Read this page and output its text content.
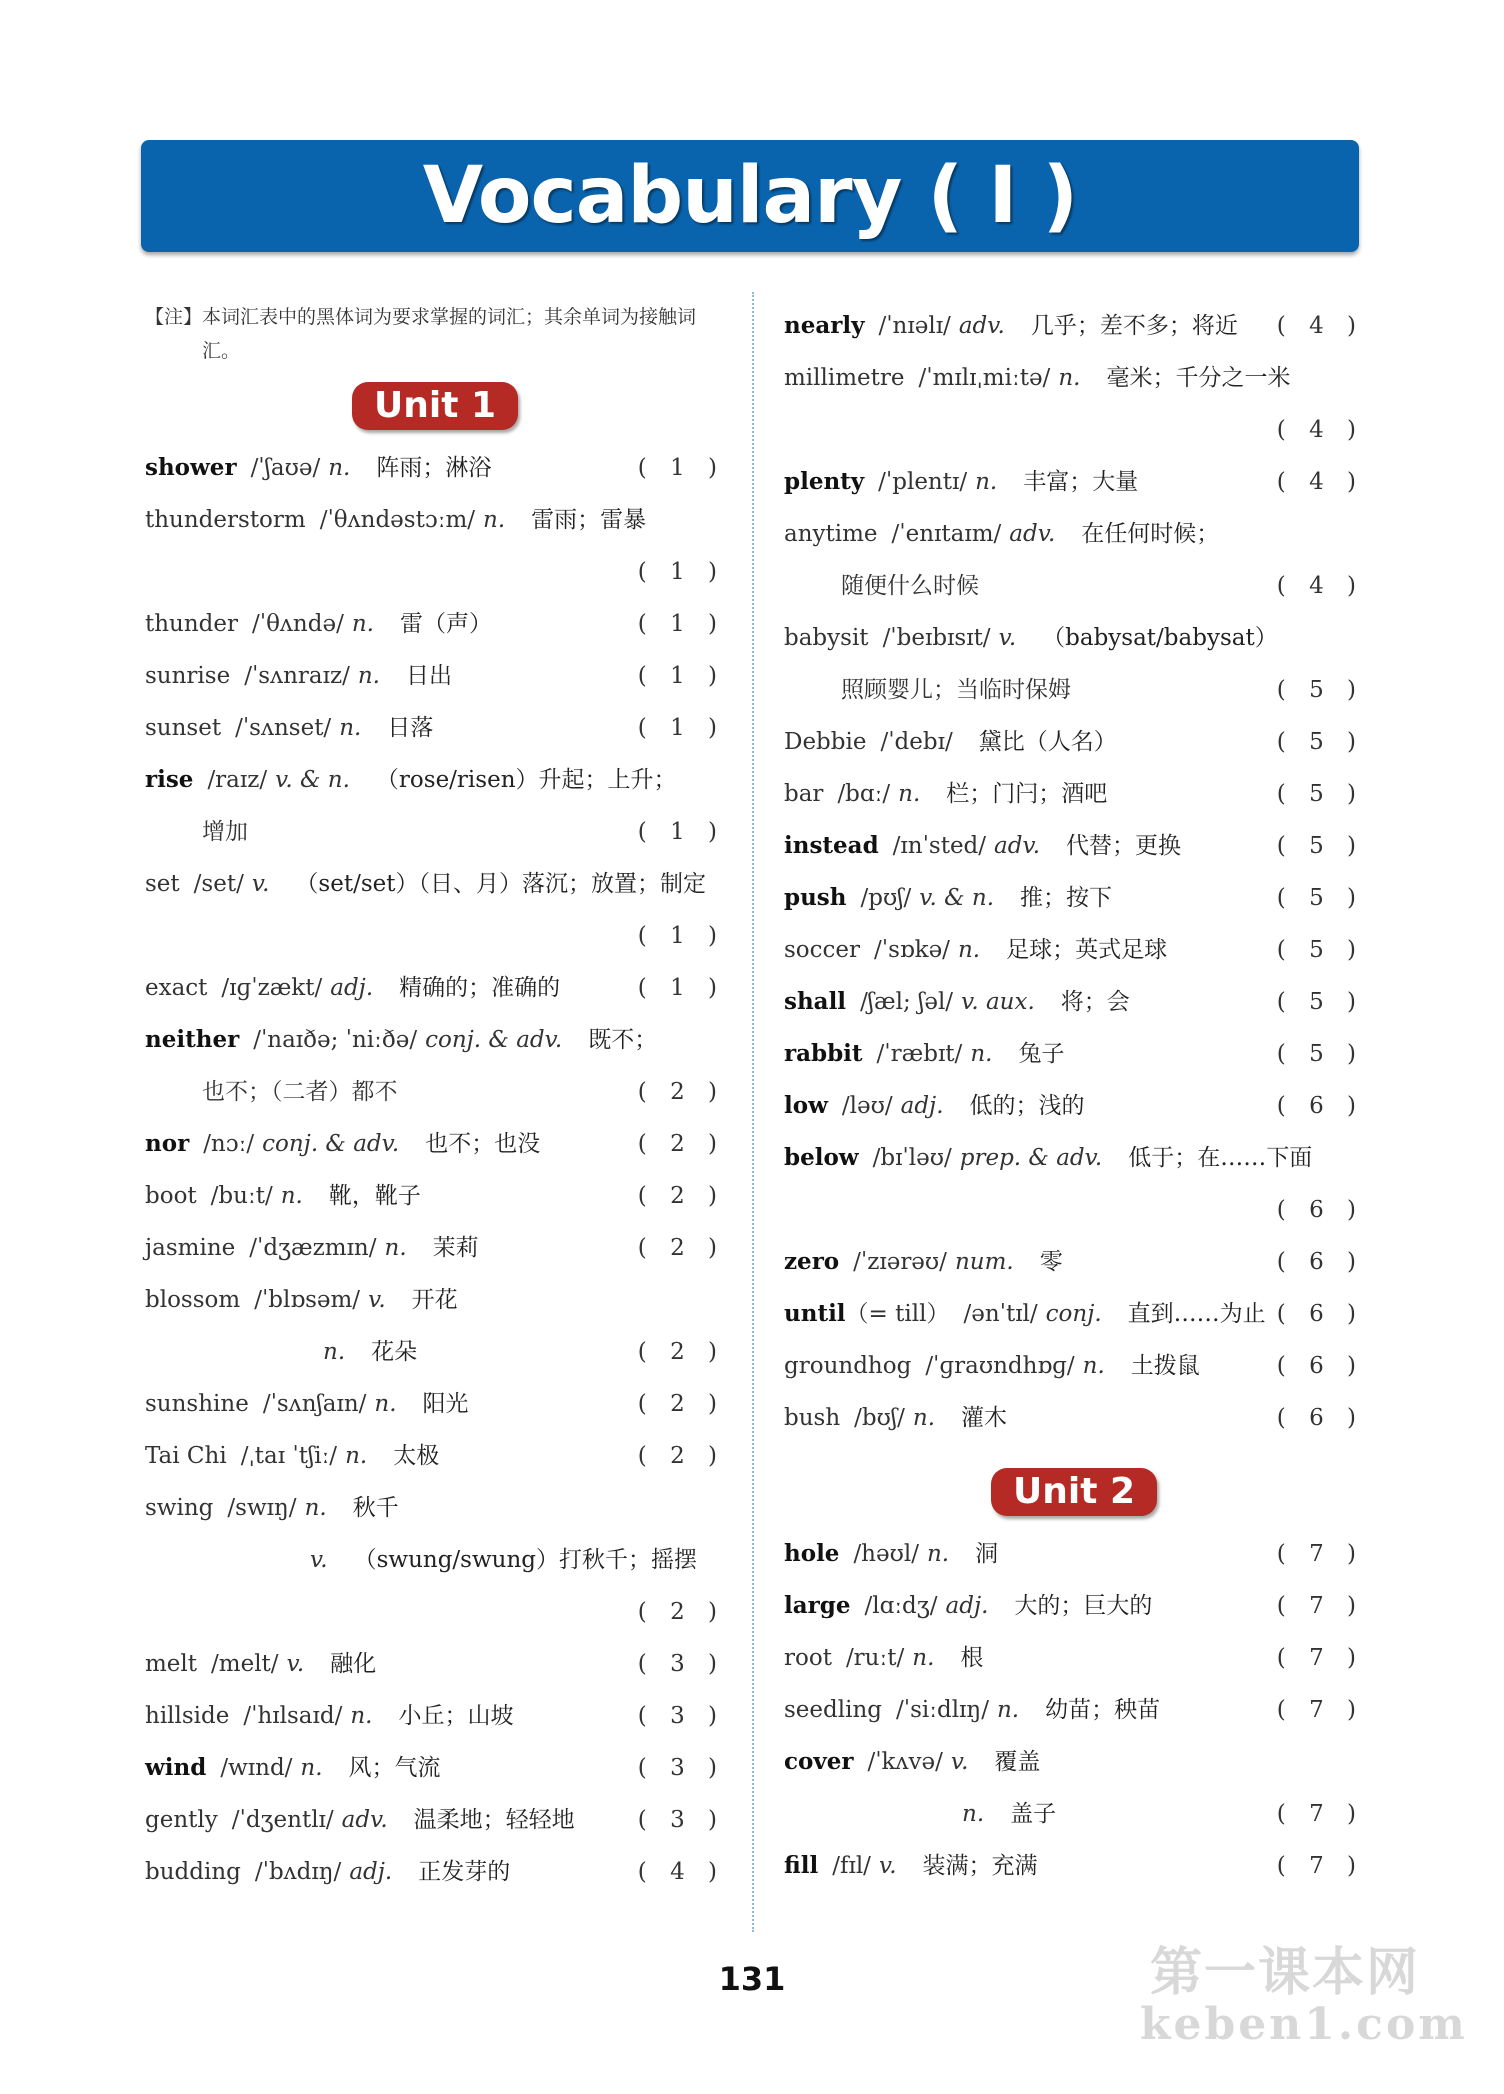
Vocabulary ( I )

【注】本词汇表中的黑体词为要求掌握的词汇；其余单词为接触词汇。

Unit 1
shower /ˈʃaʊə/ n. 阵雨；淋浴	( 1 )
thunderstorm /ˈθʌndəstɔːm/ n. 雷雨；雷暴
( 1 )
thunder /ˈθʌndə/ n. 雷（声）	( 1 )
sunrise /ˈsʌnraɪz/ n. 日出	( 1 )
sunset /ˈsʌnset/ n. 日落	( 1 )
rise /raɪz/ v. & n. （rose/risen）升起；上升；
增加	( 1 )
set /set/ v. （set/set）（日、月）落沉；放置；制定
( 1 )
exact /ɪɡˈzækt/ adj. 精确的；准确的	( 1 )
neither /ˈnaɪðə; ˈniːðə/ conj. & adv. 既不；
也不；（二者）都不	( 2 )
nor /nɔː/ conj. & adv. 也不；也没	( 2 )
boot /buːt/ n. 靴，靴子	( 2 )
jasmine /ˈdʒæzmɪn/ n. 茉莉	( 2 )
blossom /ˈblɒsəm/ v. 开花
n. 花朵	( 2 )
sunshine /ˈsʌnʃaɪn/ n. 阳光	( 2 )
Tai Chi /ˌtaɪ ˈtʃiː/ n. 太极	( 2 )
swing /swɪŋ/ n. 秋千
v. （swung/swung）打秋千；摇摆
( 2 )
melt /melt/ v. 融化	( 3 )
hillside /ˈhɪlsaɪd/ n. 小丘；山坡	( 3 )
wind /wɪnd/ n. 风；气流	( 3 )
gently /ˈdʒentlɪ/ adv. 温柔地；轻轻地	( 3 )
budding /ˈbʌdɪŋ/ adj. 正发芽的	( 4 )
nearly /ˈnɪəlɪ/ adv. 几乎；差不多；将近 ( 4 )
millimetre /ˈmɪlɪˌmiːtə/ n. 毫米；千分之一米
( 4 )
plenty /ˈplentɪ/ n. 丰富；大量	( 4 )
anytime /ˈenɪtaɪm/ adv. 在任何时候；
随便什么时候	( 4 )
babysit /ˈbeɪbɪsɪt/ v. （babysat/babysat）
照顾婴儿；当临时保姆	( 5 )
Debbie /ˈdebɪ/ 黛比（人名）	( 5 )
bar /bɑː/ n. 栏；门闩；酒吧	( 5 )
instead /ɪnˈsted/ adv. 代替；更换	( 5 )
push /pʊʃ/ v. & n. 推；按下	( 5 )
soccer /ˈsɒkə/ n. 足球；英式足球	( 5 )
shall /ʃæl; ʃəl/ v. aux. 将；会	( 5 )
rabbit /ˈræbɪt/ n. 兔子	( 5 )
low /ləʊ/ adj. 低的；浅的	( 6 )
below /bɪˈləʊ/ prep. & adv. 低于；在……下面
( 6 )
zero /ˈzɪərəʊ/ num. 零	( 6 )
until（= till） /ənˈtɪl/ conj. 直到……为止 ( 6 )
groundhog /ˈɡraʊndhɒɡ/ n. 土拨鼠	( 6 )
bush /bʊʃ/ n. 灌木	( 6 )
Unit 2
hole /həʊl/ n. 洞	( 7 )
large /lɑːdʒ/ adj. 大的；巨大的	( 7 )
root /ruːt/ n. 根	( 7 )
seedling /ˈsiːdlɪŋ/ n. 幼苗；秧苗	( 7 )
cover /ˈkʌvə/ v. 覆盖
n. 盖子	( 7 )
fill /fɪl/ v. 装满；充满	( 7 )
131	第一课本网
keben1.com
